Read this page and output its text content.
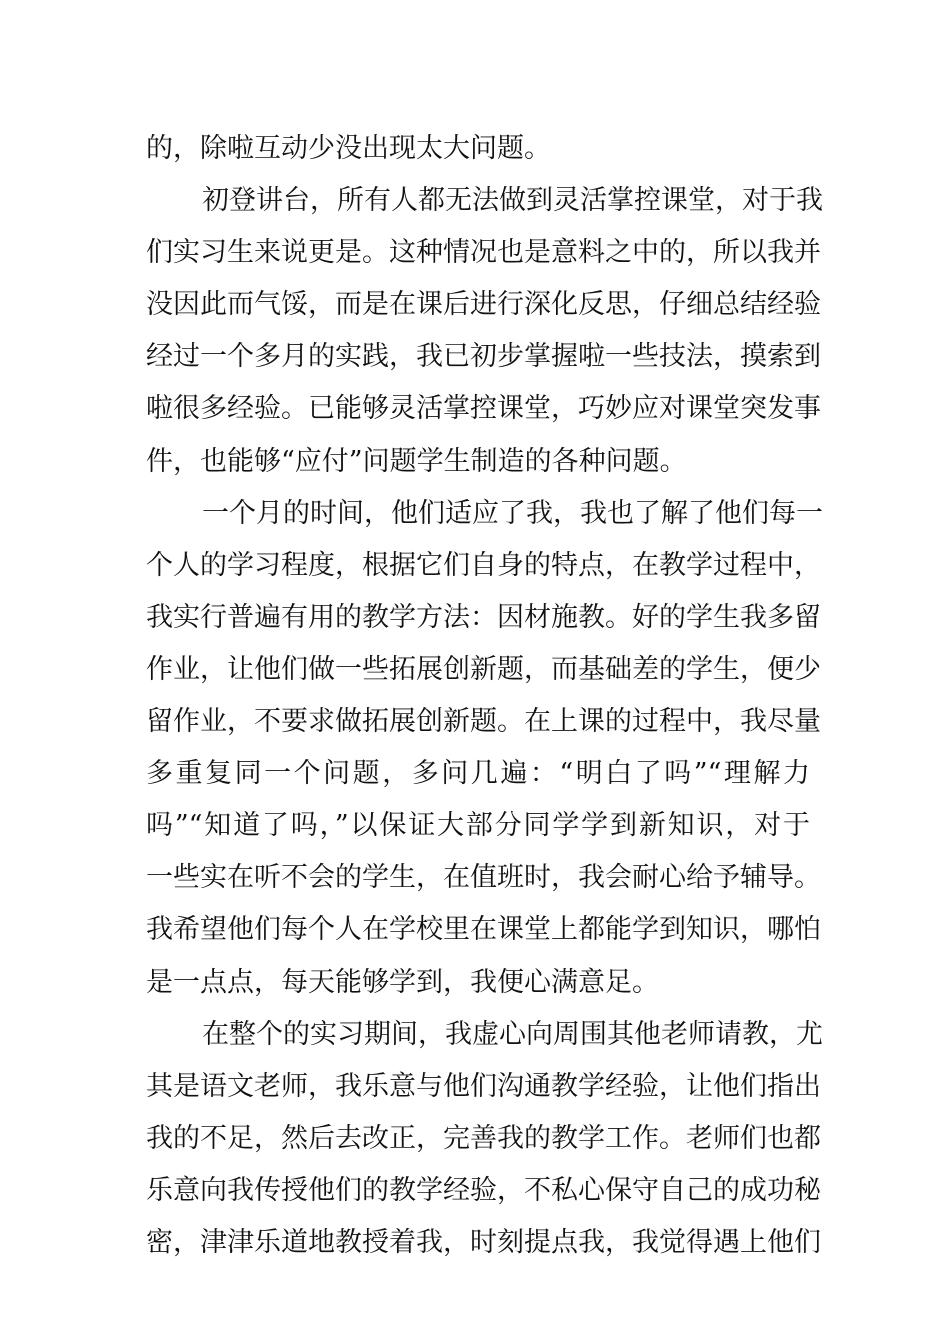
的，除啦互动少没出现太大问题。
初登讲台，所有人都无法做到灵活掌控课堂，对于我
们实习生来说更是。这种情况也是意料之中的，所以我并
没因此而气馁，而是在课后进行深化反思，仔细总结经验
经过一个多月的实践，我已初步掌握啦一些技法，摸索到
啦很多经验。已能够灵活掌控课堂，巧妙应对课堂突发事
件，也能够“应付”问题学生制造的各种问题。
一个月的时间，他们适应了我，我也了解了他们每一
个人的学习程度，根据它们自身的特点，在教学过程中，
我实行普遍有用的教学方法：因材施教。好的学生我多留
作业，让他们做一些拓展创新题，而基础差的学生，便少
留作业，不要求做拓展创新题。在上课的过程中，我尽量
多重复同一个问题，多问几遍：“明白了吗”“理解力
吗”“知道了吗，”以保证大部分同学学到新知识，对于
一些实在听不会的学生，在值班时，我会耐心给予辅导。
我希望他们每个人在学校里在课堂上都能学到知识，哪怕
是一点点，每天能够学到，我便心满意足。
在整个的实习期间，我虚心向周围其他老师请教，尤
其是语文老师，我乐意与他们沟通教学经验，让他们指出
我的不足，然后去改正，完善我的教学工作。老师们也都
乐意向我传授他们的教学经验，不私心保守自己的成功秘
密，津津乐道地教授着我，时刻提点我，我觉得遇上他们
